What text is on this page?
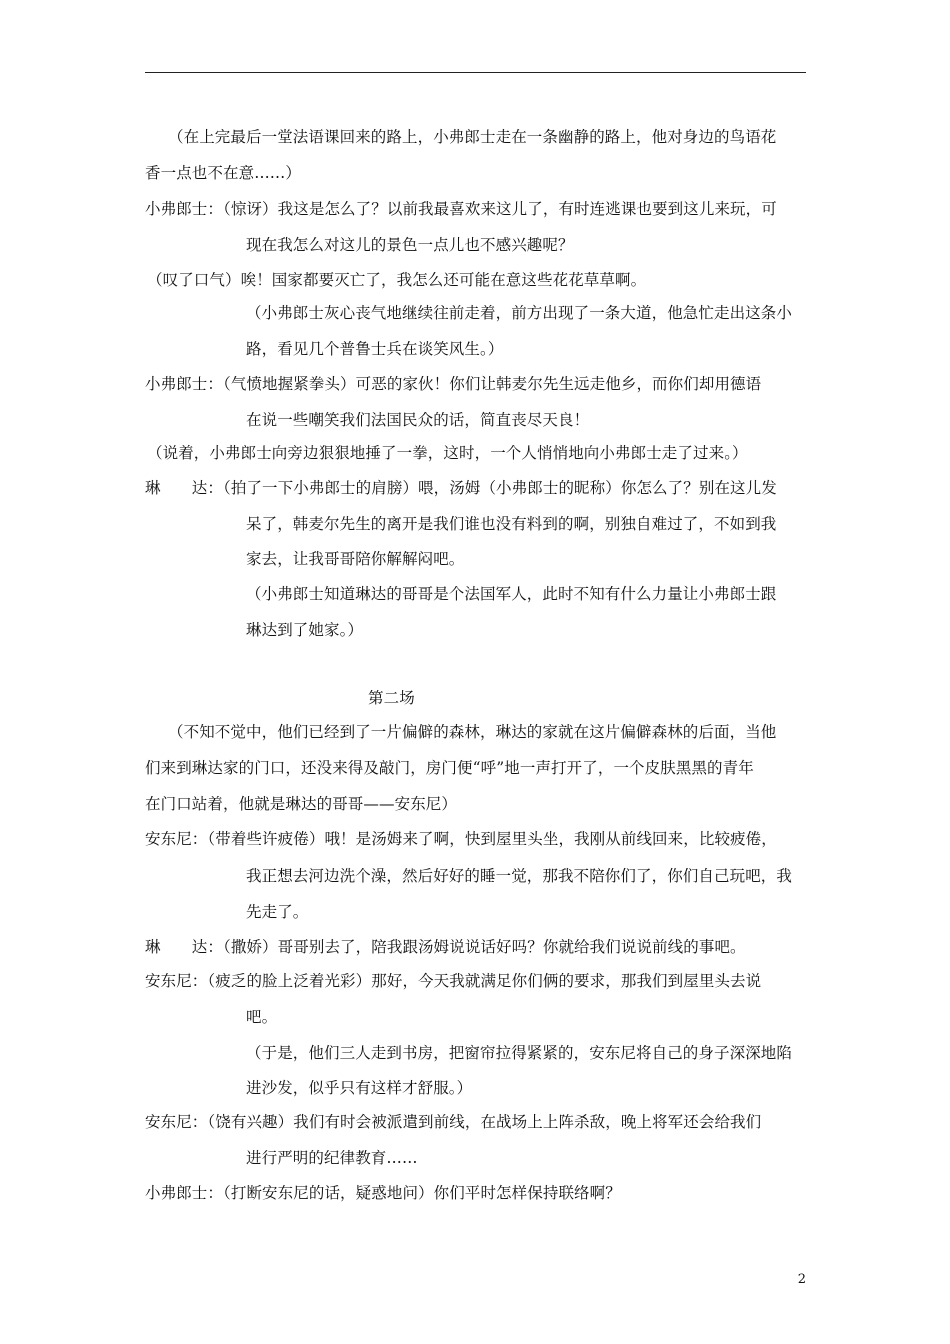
（在上完最后一堂法语课回来的路上，小弗郎士走在一条幽静的路上，他对身边的鸟语花
香一点也不在意……）
小弗郎士：（惊讶）我这是怎么了？以前我最喜欢来这儿了，有时连逃课也要到这儿来玩，可
现在我怎么对这儿的景色一点儿也不感兴趣呢？
（叹了口气）唉！国家都要灭亡了，我怎么还可能在意这些花花草草啊。
（小弗郎士灰心丧气地继续往前走着，前方出现了一条大道，他急忙走出这条小
路，看见几个普鲁士兵在谈笑风生。）
小弗郎士：（气愤地握紧拳头）可恶的家伙！你们让韩麦尔先生远走他乡，而你们却用德语
在说一些嘲笑我们法国民众的话，简直丧尽天良！
（说着，小弗郎士向旁边狠狠地捶了一拳，这时，一个人悄悄地向小弗郎士走了过来。）
琳　　达：（拍了一下小弗郎士的肩膀）喂，汤姆（小弗郎士的昵称）你怎么了？别在这儿发
呆了，韩麦尔先生的离开是我们谁也没有料到的啊，别独自难过了，不如到我
家去，让我哥哥陪你解解闷吧。
（小弗郎士知道琳达的哥哥是个法国军人，此时不知有什么力量让小弗郎士跟
琳达到了她家。）
第二场
（不知不觉中，他们已经到了一片偏僻的森林，琳达的家就在这片偏僻森林的后面，当他
们来到琳达家的门口，还没来得及敲门，房门便“呼”地一声打开了，一个皮肤黑黑的青年
在门口站着，他就是琳达的哥哥——安东尼）
安东尼：（带着些许疲倦）哦！是汤姆来了啊，快到屋里头坐，我刚从前线回来，比较疲倦，
我正想去河边洗个澡，然后好好的睡一觉，那我不陪你们了，你们自己玩吧，我
先走了。
琳　　达：（撒娇）哥哥别去了，陪我跟汤姆说说话好吗？你就给我们说说前线的事吧。
安东尼：（疲乏的脸上泛着光彩）那好，今天我就满足你们俩的要求，那我们到屋里头去说
吧。
（于是，他们三人走到书房，把窗帘拉得紧紧的，安东尼将自己的身子深深地陷
进沙发，似乎只有这样才舒服。）
安东尼：（饶有兴趣）我们有时会被派遣到前线，在战场上上阵杀敌，晚上将军还会给我们
进行严明的纪律教育……
小弗郎士：（打断安东尼的话，疑惑地问）你们平时怎样保持联络啊？
2
